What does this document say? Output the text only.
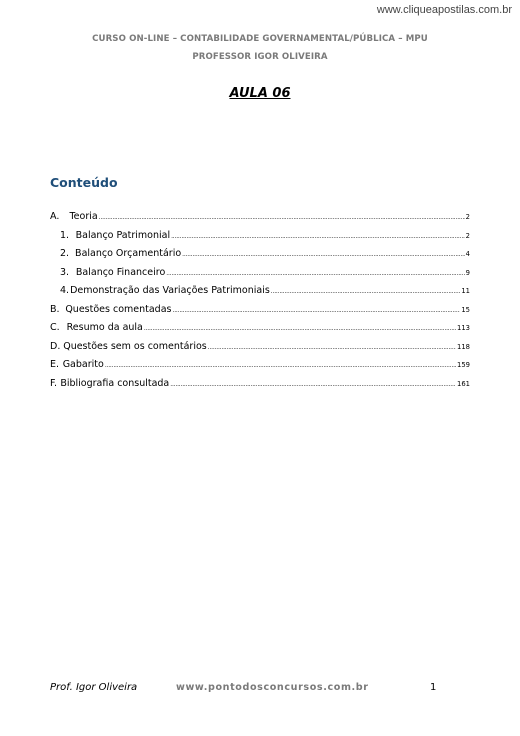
www.cliqueapostilas.com.br
CURSO ON-LINE – CONTABILIDADE GOVERNAMENTAL/PÚBLICA – MPU
PROFESSOR IGOR OLIVEIRA
AULA 06
Conteúdo
A.	Teoria .....	2
1. Balanço Patrimonial .....	2
2. Balanço Orçamentário .....	4
3. Balanço Financeiro .....	9
4. Demonstração das Variações Patrimoniais .....	11
B. Questões comentadas .....	15
C. Resumo da aula .....	113
D. Questões sem os comentários .....	118
E. Gabarito .....	159
F. Bibliografia consultada .....	161
Prof. Igor Oliveira	www.pontodosconcursos.com.br	1
